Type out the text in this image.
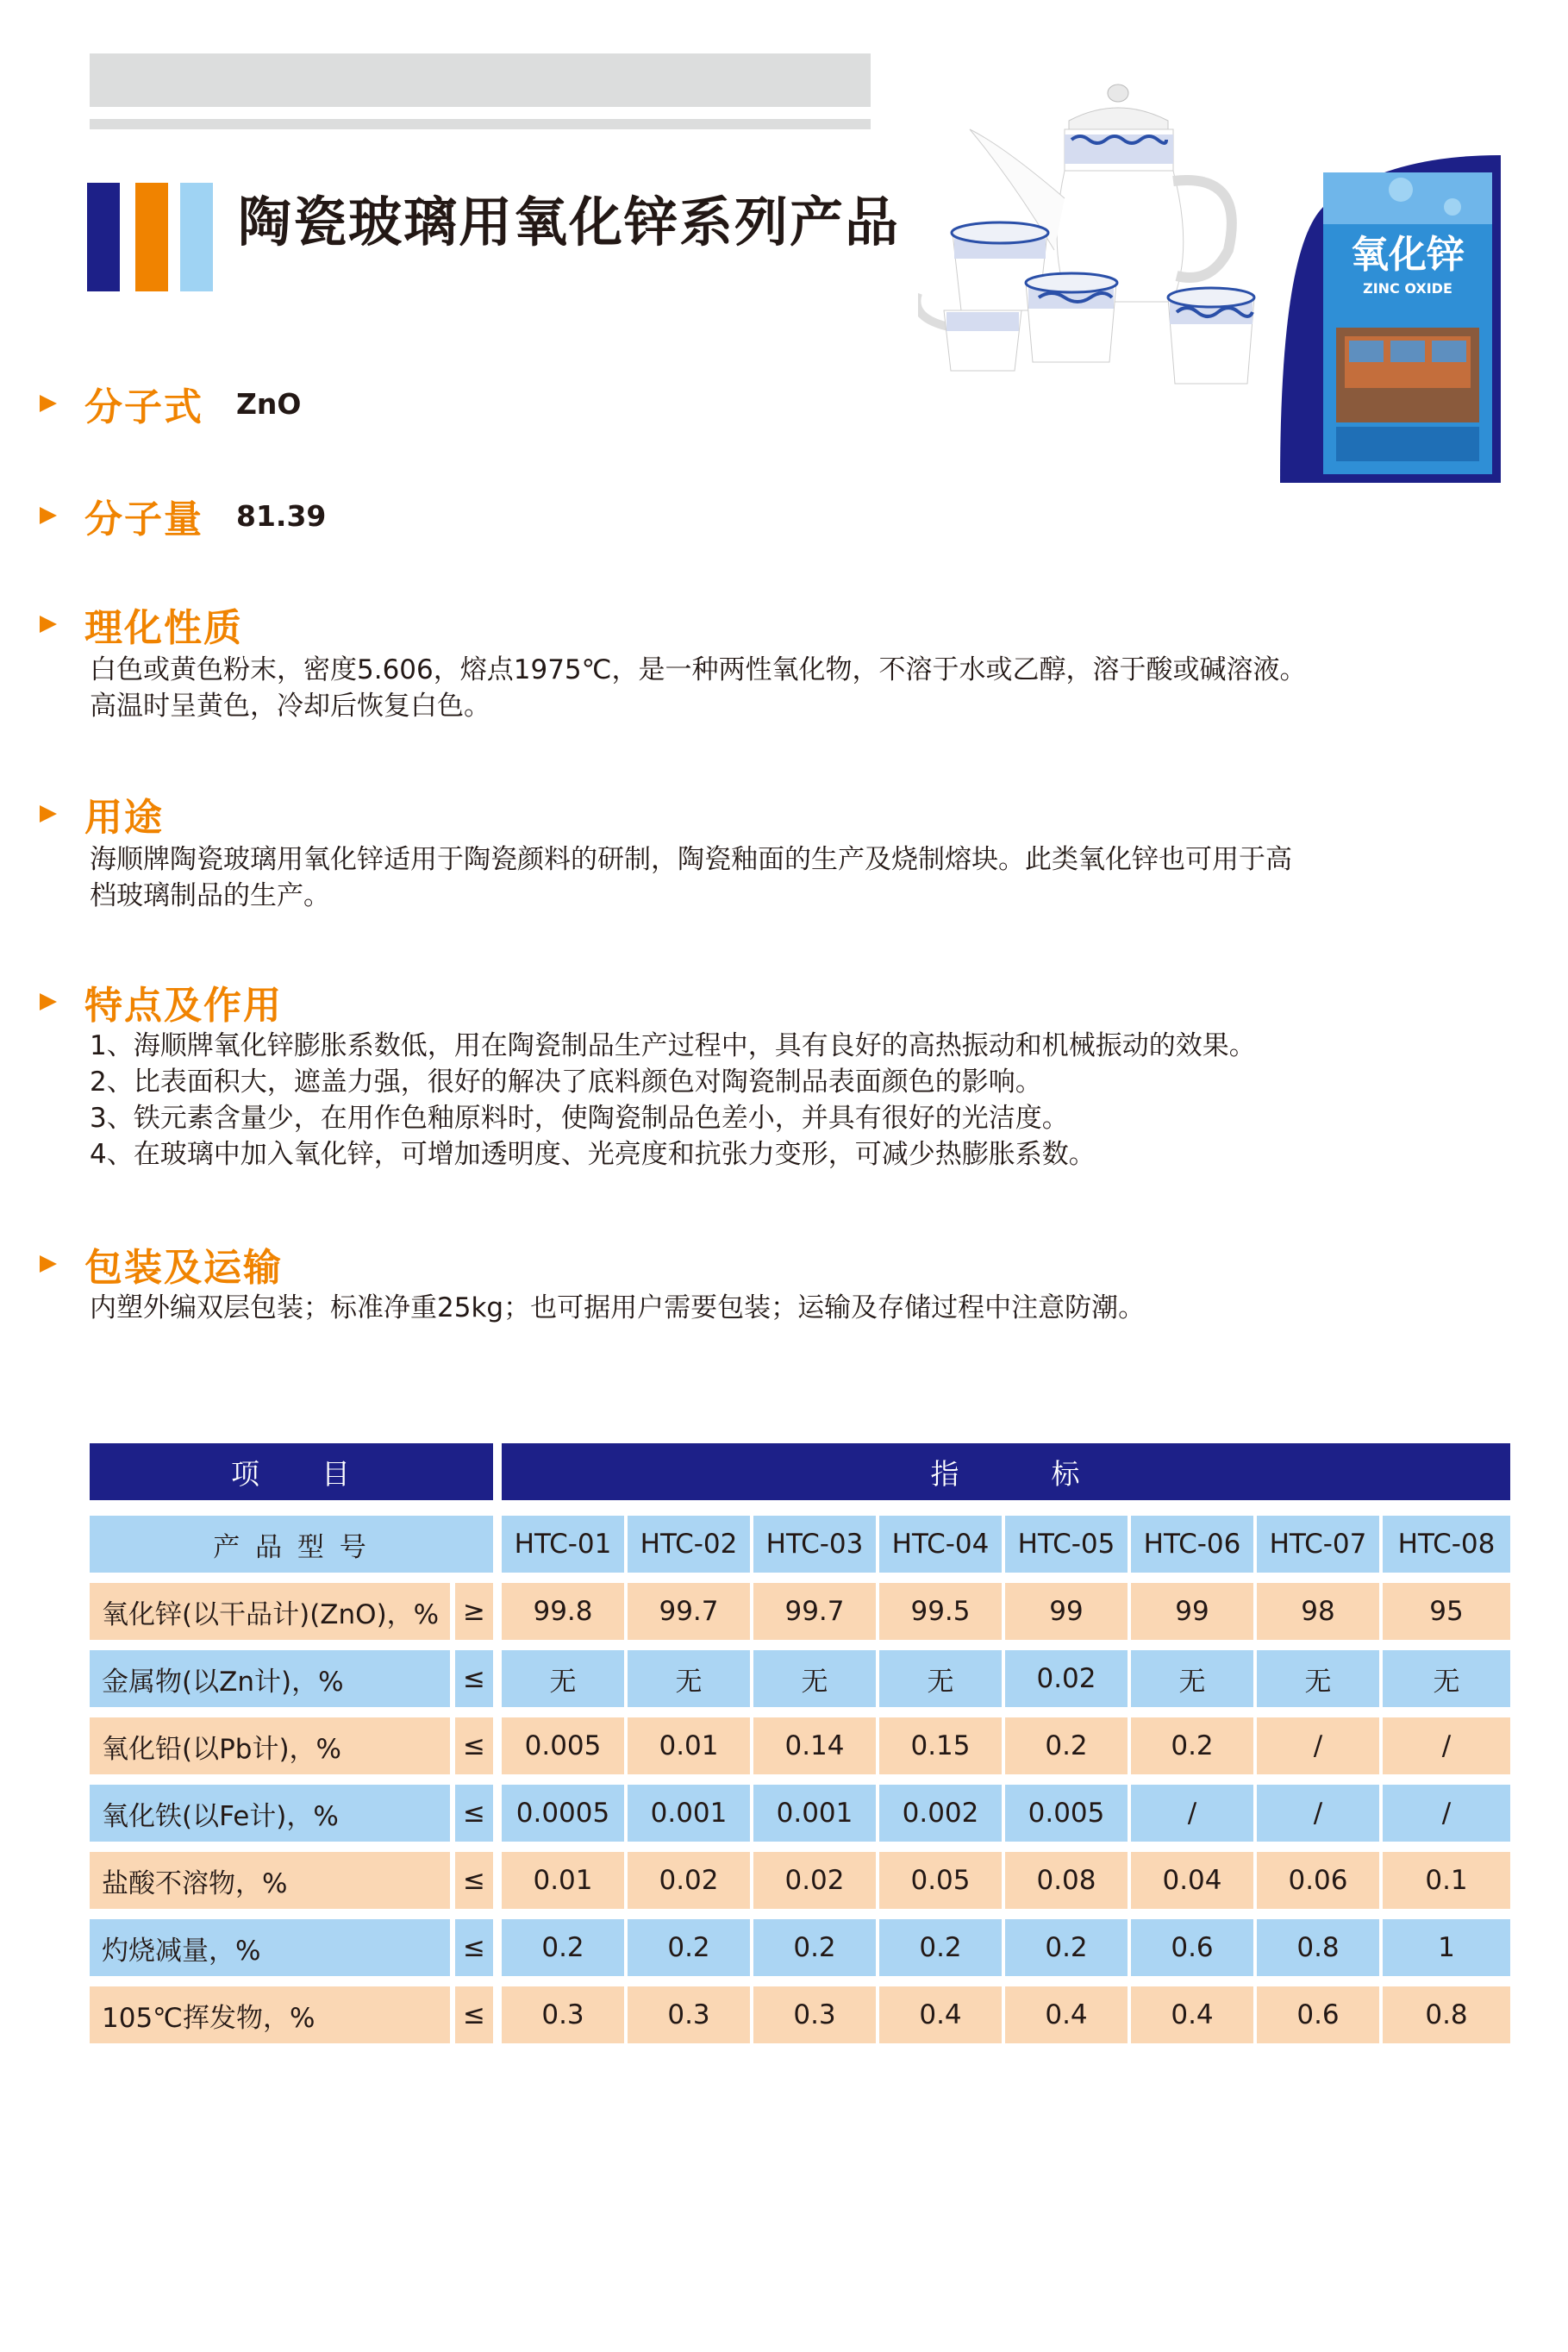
陶瓷玻璃用氧化锌系列产品
氧化锌
ZINC OXIDE
分子式 ZnO
分子量 81.39
理化性质
白色或黄色粉末，密度5.606，熔点1975℃，是一种两性氧化物，不溶于水或乙醇，溶于酸或碱溶液。
高温时呈黄色，冷却后恢复白色。
用途
海顺牌陶瓷玻璃用氧化锌适用于陶瓷颜料的研制，陶瓷釉面的生产及烧制熔块。此类氧化锌也可用于高
档玻璃制品的生产。
特点及作用
1、海顺牌氧化锌膨胀系数低，用在陶瓷制品生产过程中，具有良好的高热振动和机械振动的效果。
2、比表面积大，遮盖力强，很好的解决了底料颜色对陶瓷制品表面颜色的影响。
3、铁元素含量少，在用作色釉原料时，使陶瓷制品色差小，并具有很好的光洁度。
4、在玻璃中加入氧化锌，可增加透明度、光亮度和抗张力变形，可减少热膨胀系数。
包装及运输
内塑外编双层包装；标准净重25kg；也可据用户需要包装；运输及存储过程中注意防潮。
项　　目	指　　　标
产 品 型 号	HTC-01	HTC-02	HTC-03	HTC-04	HTC-05	HTC-06	HTC-07	HTC-08
氧化锌(以干品计)(ZnO)，% ≥	99.8	99.7	99.7	99.5	99	99	98	95
金属物(以Zn计)，%	≤	无	无	无	无	0.02	无	无	无
氧化铅(以Pb计)，%	≤	0.005	0.01	0.14	0.15	0.2	0.2	/	/
氧化铁(以Fe计)，%	≤	0.0005	0.001	0.001	0.002	0.005	/	/	/
盐酸不溶物，%	≤	0.01	0.02	0.02	0.05	0.08	0.04	0.06	0.1
灼烧减量，%	≤	0.2	0.2	0.2	0.2	0.2	0.6	0.8	1
105℃挥发物，%	≤	0.3	0.3	0.3	0.4	0.4	0.4	0.6	0.8
